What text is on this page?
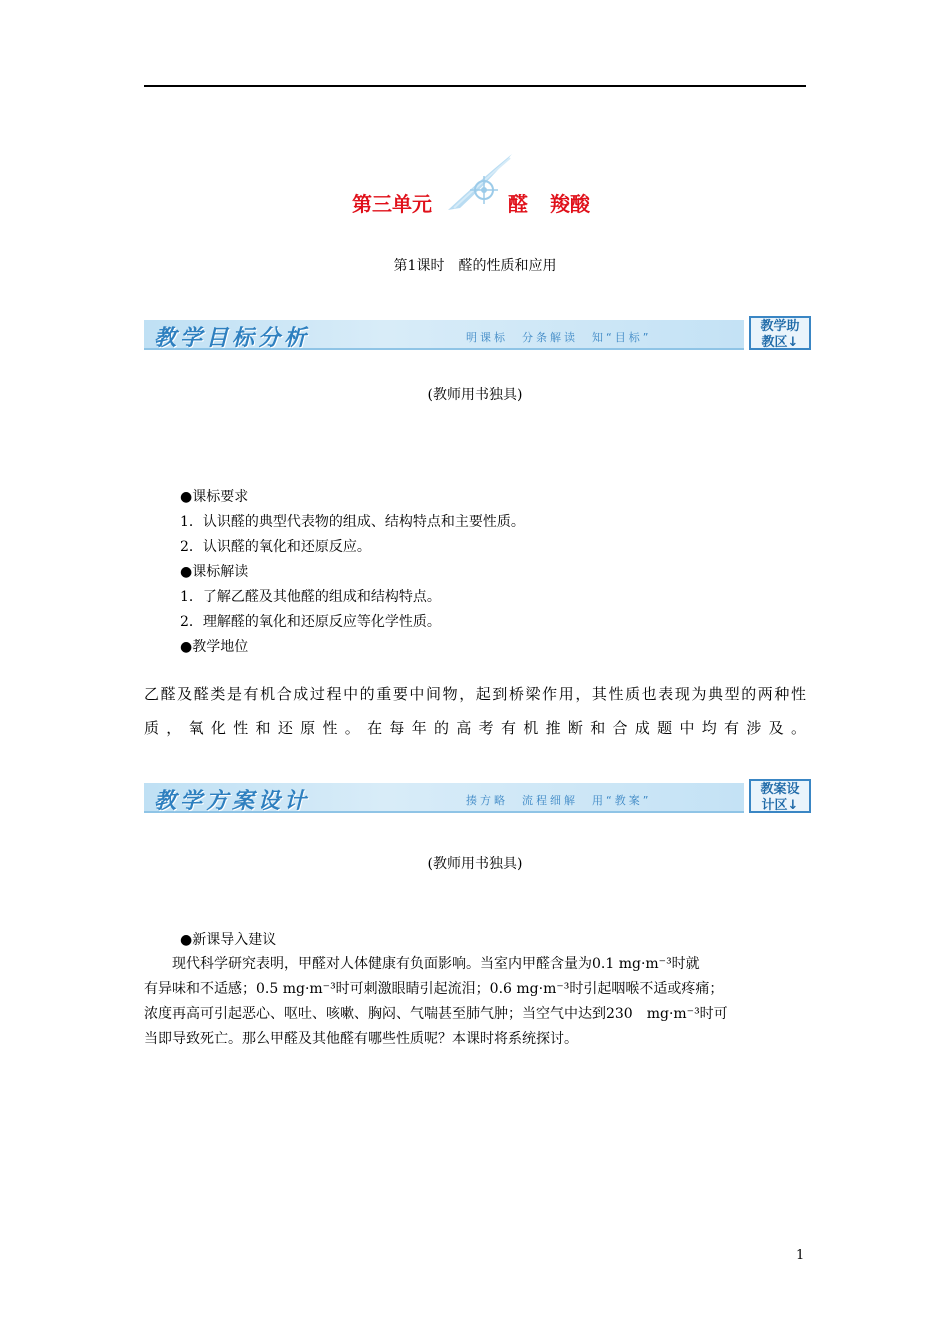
第三单元	醛 羧酸
第1课时　醛的性质和应用
教学目标分析	明课标　分条解读　知“目标”
教学助
教区↓
(教师用书独具)
●课标要求
1．认识醛的典型代表物的组成、结构特点和主要性质。
2．认识醛的氧化和还原反应。
●课标解读
1．了解乙醛及其他醛的组成和结构特点。
2．理解醛的氧化和还原反应等化学性质。
●教学地位
乙醛及醛类是有机合成过程中的重要中间物，起到桥梁作用，其性质也表现为典型的两种性
质，氧化性和还原性。在每年的高考有机推断和合成题中均有涉及。
教学方案设计	揍方略　流程细解　用“教案”
教案设
计区↓
(教师用书独具)
●新课导入建议

　　现代科学研究表明，甲醛对人体健康有负面影响。当室内甲醛含量为0.1 mg·m⁻³时就

有异味和不适感；0.5 mg·m⁻³时可刺激眼睛引起流泪；0.6 mg·m⁻³时引起咽喉不适或疼痛；

浓度再高可引起恶心、呕吐、咳嗽、胸闷、气喘甚至肺气肿；当空气中达到230　mg·m⁻³时可

当即导致死亡。那么甲醛及其他醛有哪些性质呢？本课时将系统探讨。

1
